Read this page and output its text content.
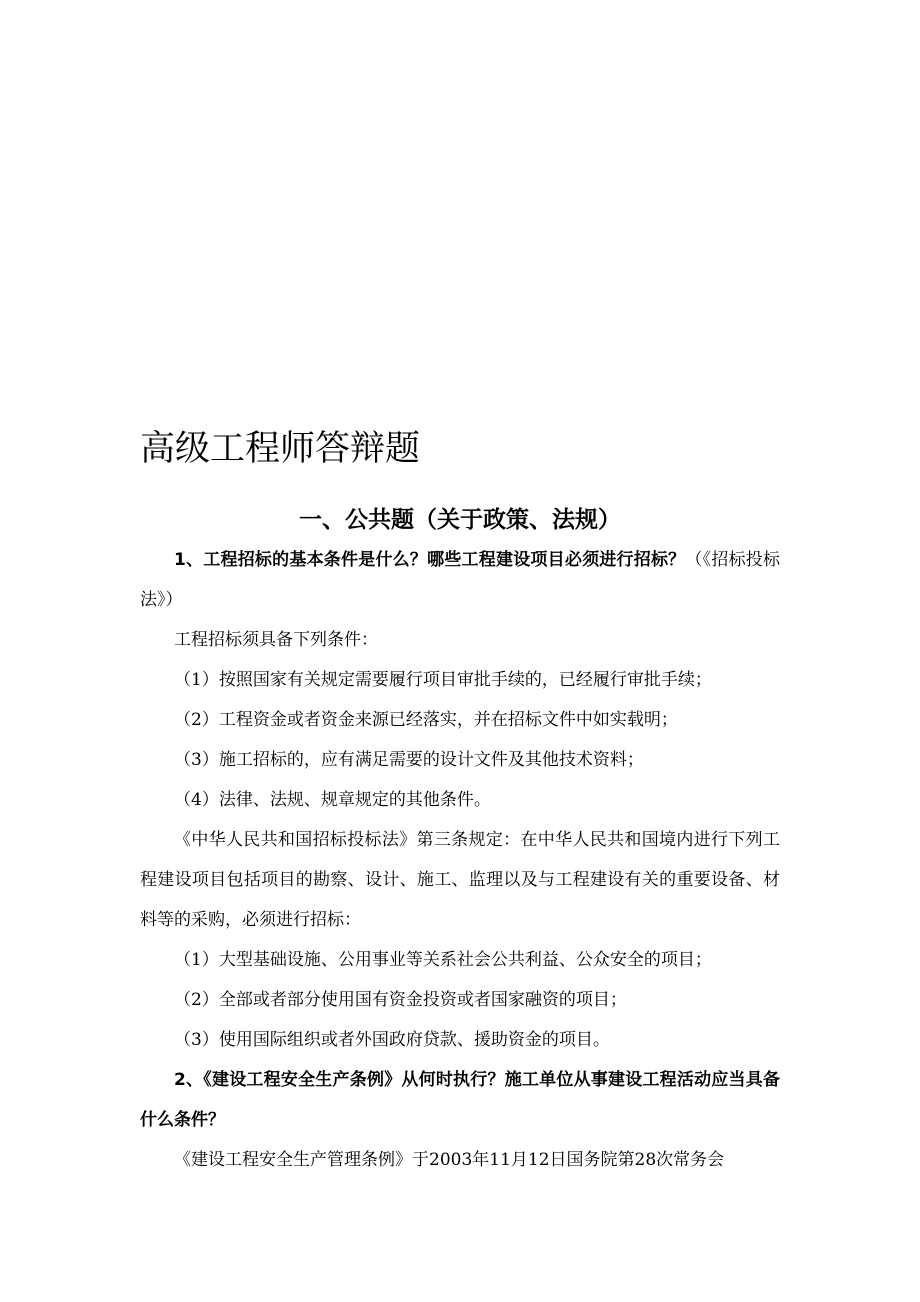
高级工程师答辩题
一、公共题（关于政策、法规）

1、工程招标的基本条件是什么？哪些工程建设项目必须进行招标？（《招标投标法》）

工程招标须具备下列条件：

（1）按照国家有关规定需要履行项目审批手续的，已经履行审批手续；

（2）工程资金或者资金来源已经落实，并在招标文件中如实载明；

（3）施工招标的，应有满足需要的设计文件及其他技术资料；

（4）法律、法规、规章规定的其他条件。

《中华人民共和国招标投标法》第三条规定：在中华人民共和国境内进行下列工程建设项目包括项目的勘察、设计、施工、监理以及与工程建设有关的重要设备、材料等的采购，必须进行招标：

（1）大型基础设施、公用事业等关系社会公共利益、公众安全的项目；

（2）全部或者部分使用国有资金投资或者国家融资的项目；

（3）使用国际组织或者外国政府贷款、援助资金的项目。

2、《建设工程安全生产条例》从何时执行？施工单位从事建设工程活动应当具备什么条件？

《建设工程安全生产管理条例》于2003年11月12日国务院第28次常务会
